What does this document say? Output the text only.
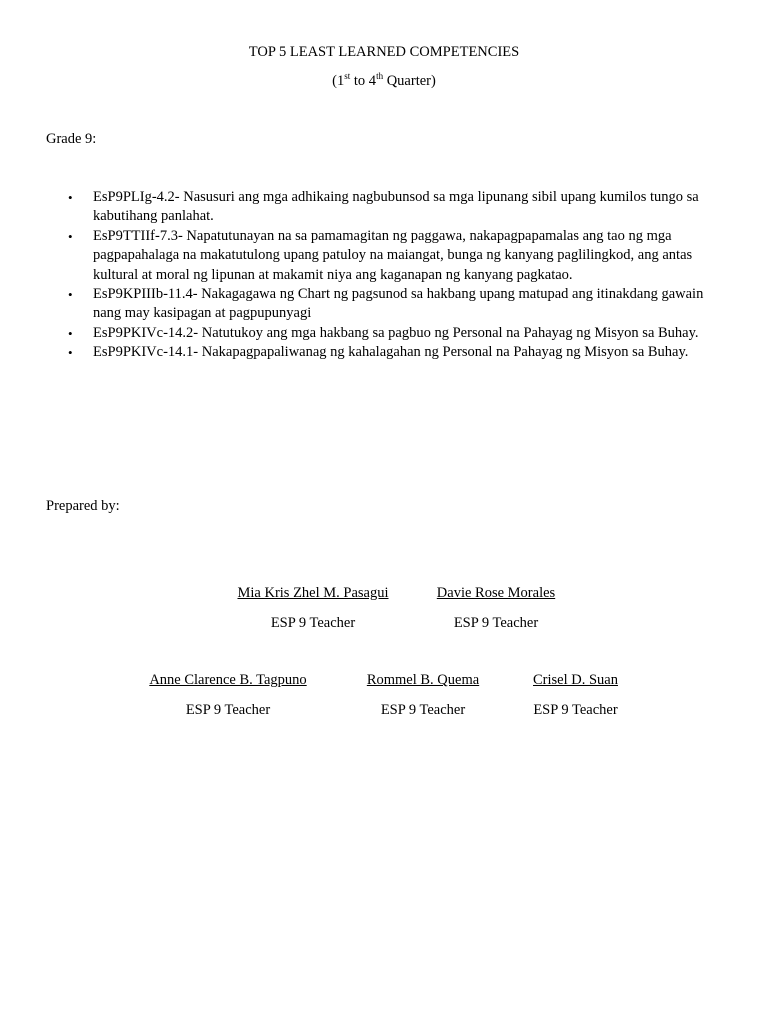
TOP 5 LEAST LEARNED COMPETENCIES
(1st to 4th Quarter)
Grade 9:
• EsP9PLIg-4.2- Nasusuri ang mga adhikaing nagbubunsod sa mga lipunang sibil upang kumilos tungo sa kabutihang panlahat.
• EsP9TTIIf-7.3- Napatutunayan na sa pamamagitan ng paggawa, nakapagpapamalas ang tao ng mga pagpapahalaga na makatutulong upang patuloy na maiangat, bunga ng kanyang paglilingkod, ang antas kultural at moral ng lipunan at makamit niya ang kaganapan ng kanyang pagkatao.
• EsP9KPIIIb-11.4- Nakagagawa ng Chart ng pagsunod sa hakbang upang matupad ang itinakdang gawain nang may kasipagan at pagpupunyagi
• EsP9PKIVc-14.2- Natutukoy ang mga hakbang sa pagbuo ng Personal na Pahayag ng Misyon sa Buhay.
• EsP9PKIVc-14.1- Nakapagpapaliwanag ng kahalagahan ng Personal na Pahayag ng Misyon sa Buhay.
Prepared by:
Mia Kris Zhel M. Pasagui
ESP 9 Teacher
Davie Rose Morales
ESP 9 Teacher
Anne Clarence B. Tagpuno
ESP 9 Teacher
Rommel B. Quema
ESP 9 Teacher
Crisel D. Suan
ESP 9 Teacher
